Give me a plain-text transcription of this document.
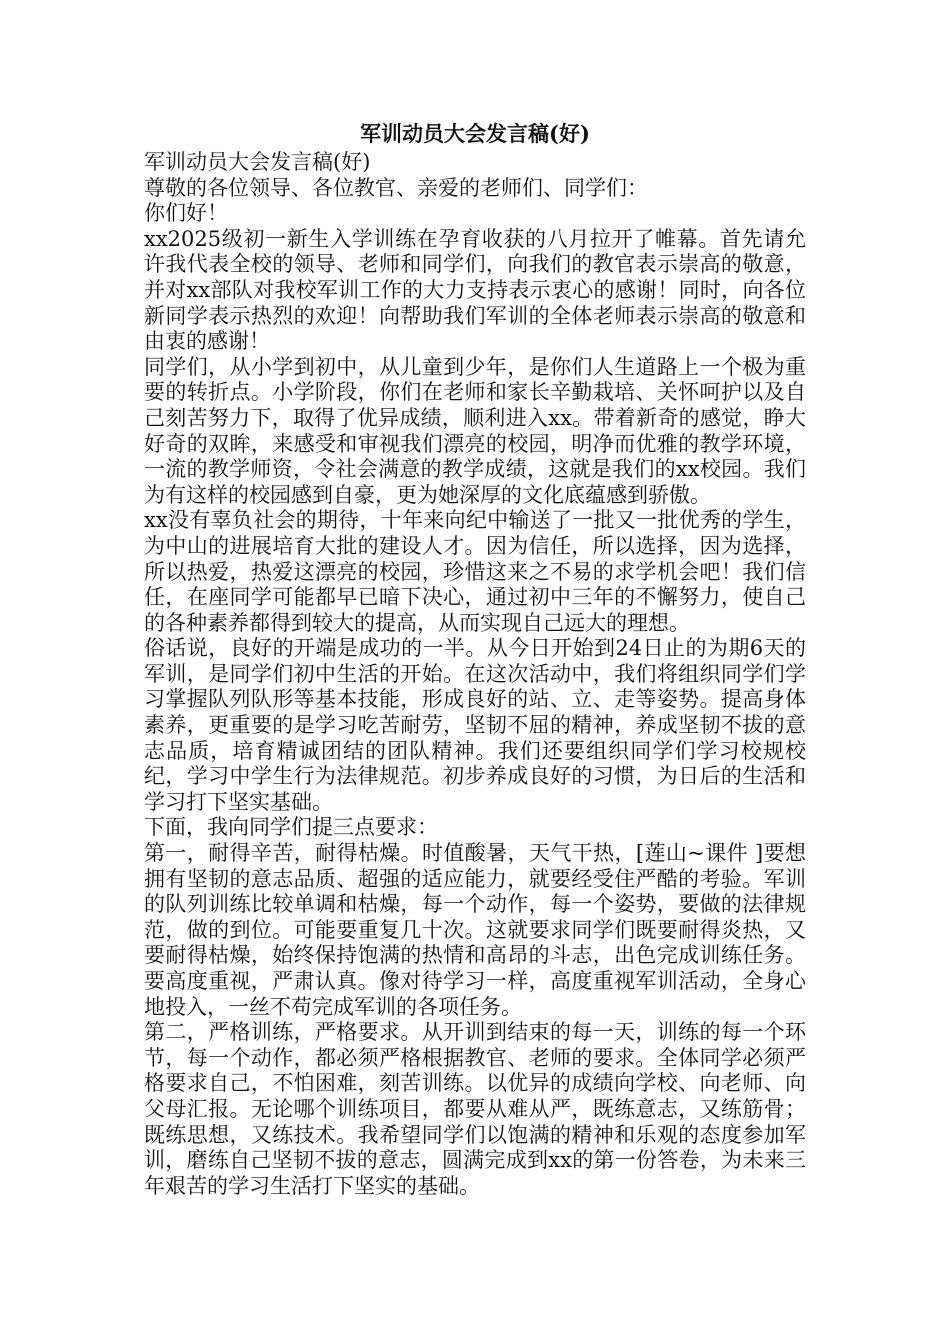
军训动员大会发言稿(好)

军训动员大会发言稿(好)

尊敬的各位领导、各位教官、亲爱的老师们、同学们：

你们好！

xx2025级初一新生入学训练在孕育收获的八月拉开了帷幕。首先请允许我代表全校的领导、老师和同学们，向我们的教官表示崇高的敬意，并对xx部队对我校军训工作的大力支持表示衷心的感谢！同时，向各位新同学表示热烈的欢迎！向帮助我们军训的全体老师表示崇高的敬意和由衷的感谢！

同学们，从小学到初中，从儿童到少年，是你们人生道路上一个极为重要的转折点。小学阶段，你们在老师和家长辛勤栽培、关怀呵护以及自己刻苦努力下，取得了优异成绩，顺利进入xx。带着新奇的感觉，睁大好奇的双眸，来感受和审视我们漂亮的校园，明净而优雅的教学环境，一流的教学师资，令社会满意的教学成绩，这就是我们的xx校园。我们为有这样的校园感到自豪，更为她深厚的文化底蕴感到骄傲。

xx没有辜负社会的期待，十年来向纪中输送了一批又一批优秀的学生，为中山的进展培育大批的建设人才。因为信任，所以选择，因为选择，所以热爱，热爱这漂亮的校园，珍惜这来之不易的求学机会吧！我们信任，在座同学可能都早已暗下决心，通过初中三年的不懈努力，使自己的各种素养都得到较大的提高，从而实现自己远大的理想。

俗话说，良好的开端是成功的一半。从今日开始到24日止的为期6天的军训，是同学们初中生活的开始。在这次活动中，我们将组织同学们学习掌握队列队形等基本技能，形成良好的站、立、走等姿势。提高身体素养，更重要的是学习吃苦耐劳，坚韧不屈的精神，养成坚韧不拔的意志品质，培育精诚团结的团队精神。我们还要组织同学们学习校规校纪，学习中学生行为法律规范。初步养成良好的习惯，为日后的生活和学习打下坚实基础。

下面，我向同学们提三点要求：

第一，耐得辛苦，耐得枯燥。时值酸暑，天气干热，[莲山~课件 ]要想拥有坚韧的意志品质、超强的适应能力，就要经受住严酷的考验。军训的队列训练比较单调和枯燥，每一个动作，每一个姿势，要做的法律规范，做的到位。可能要重复几十次。这就要求同学们既要耐得炎热，又要耐得枯燥，始终保持饱满的热情和高昂的斗志，出色完成训练任务。要高度重视，严肃认真。像对待学习一样，高度重视军训活动，全身心地投入，一丝不苟完成军训的各项任务。

第二，严格训练，严格要求。从开训到结束的每一天，训练的每一个环节，每一个动作，都必须严格根据教官、老师的要求。全体同学必须严格要求自己，不怕困难，刻苦训练。以优异的成绩向学校、向老师、向父母汇报。无论哪个训练项目，都要从难从严，既练意志，又练筋骨；既练思想，又练技术。我希望同学们以饱满的精神和乐观的态度参加军训，磨练自己坚韧不拔的意志，圆满完成到xx的第一份答卷，为未来三年艰苦的学习生活打下坚实的基础。
